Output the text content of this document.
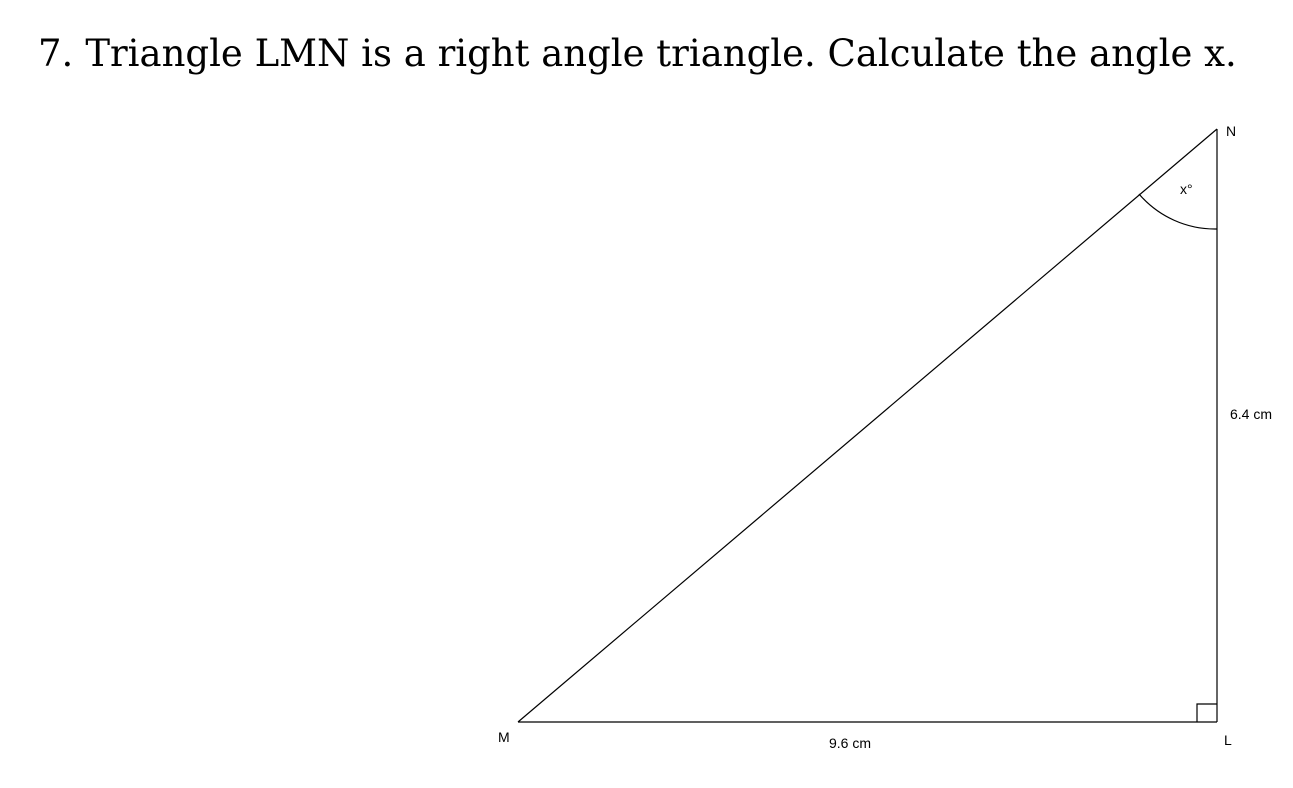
7. Triangle LMN is a right angle triangle. Calculate the angle x.
N
M	L
x°
6.4 cm
9.6 cm
